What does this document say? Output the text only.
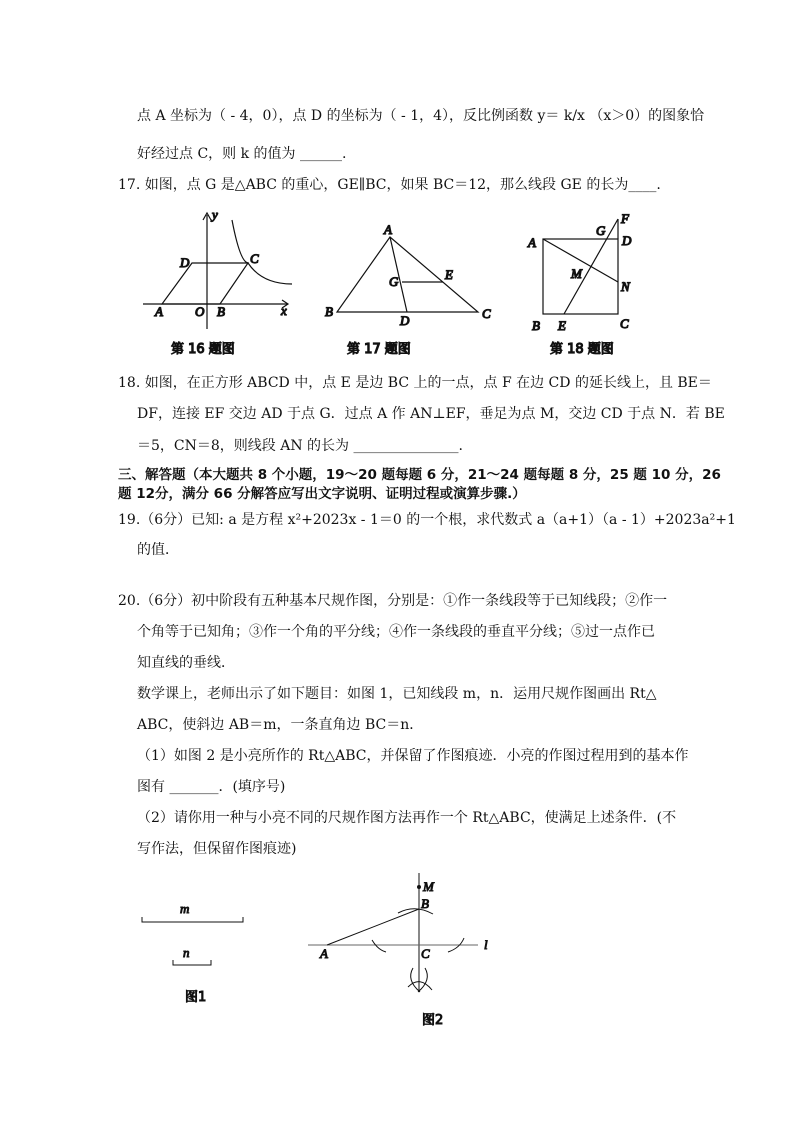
点 A 坐标为（ - 4，0），点 D 的坐标为（ - 1，4），反比例函数 y＝ k/x （x＞0）的图象恰
好经过点 C，则 k 的值为 ______.
17. 如图，点 G 是△ABC 的重心，GE∥BC，如果 BC＝12，那么线段 GE 的长为____.
y
x
D	C
A O B
第 16 题图
A
B	C
D
G	E
第 17 题图
A	D
B	C
E
F
G
M
N
第 18 题图
m
n
图1
M
B
A	C
l
图2
18. 如图，在正方形 ABCD 中，点 E 是边 BC 上的一点，点 F 在边 CD 的延长线上，且 BE＝
DF，连接 EF 交边 AD 于点 G．过点 A 作 AN⊥EF，垂足为点 M，交边 CD 于点 N．若 BE
＝5，CN＝8，则线段 AN 的长为 _______________.
三、解答题（本大题共 8 个小题，19～20 题每题 6 分，21～24 题每题 8 分，25 题 10 分，26
题 12分，满分 66 分解答应写出文字说明、证明过程或演算步骤.）
19.（6分）已知: a 是方程 x²+2023x - 1＝0 的一个根，求代数式 a（a+1）（a - 1）+2023a²+1
的值．
20.（6分）初中阶段有五种基本尺规作图，分别是：①作一条线段等于已知线段；②作一
个角等于已知角；③作一个角的平分线；④作一条线段的垂直平分线；⑤过一点作已
知直线的垂线．
数学课上，老师出示了如下题目：如图 1，已知线段 m，n．运用尺规作图画出 Rt△
ABC，使斜边 AB＝m，一条直角边 BC＝n．
（1）如图 2 是小亮所作的 Rt△ABC，并保留了作图痕迹．小亮的作图过程用到的基本作
图有 _______．(填序号)
（2）请你用一种与小亮不同的尺规作图方法再作一个 Rt△ABC，使满足上述条件．(不
写作法，但保留作图痕迹)
